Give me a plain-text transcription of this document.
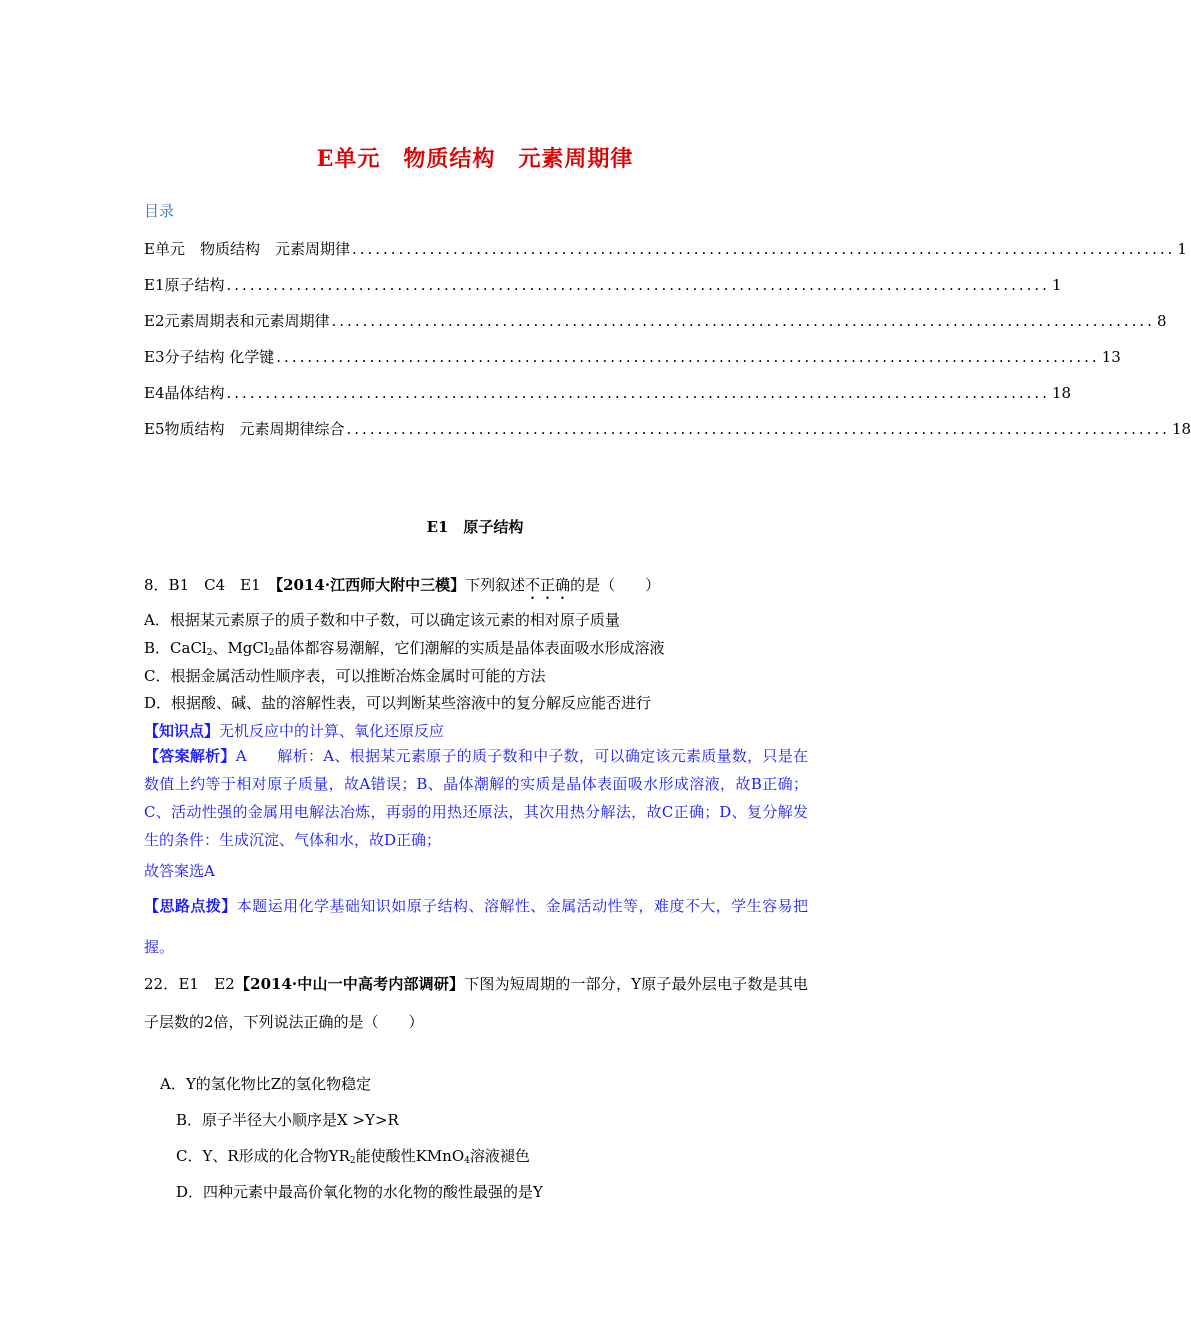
E单元　物质结构　元素周期律
目录
E单元　物质结构　元素周期律 .......................................................................................................... 1
E1 原子结构 .......................................................................................................... 1
E2 元素周期表和元素周期律 .......................................................................................................... 8
E3 分子结构 化学键 .......................................................................................................... 13
E4 晶体结构 .......................................................................................................... 18
E5 物质结构　元素周期律综合 .......................................................................................................... 18
E1　原子结构
8．B1　C4　E1　【2014·江西师大附中三模】下列叙述不正确的是（　　）
A．根据某元素原子的质子数和中子数，可以确定该元素的相对原子质量
B．CaCl$_2$、MgCl$_2$晶体都容易潮解，它们潮解的实质是晶体表面吸水形成溶液
C．根据金属活动性顺序表，可以推断冶炼金属时可能的方法
D．根据酸、碱、盐的溶解性表，可以判断某些溶液中的复分解反应能否进行
【知识点】无机反应中的计算、氧化还原反应
【答案解析】A　　解析：A、根据某元素原子的质子数和中子数，可以确定该元素质量数，只是在数值上约等于相对原子质量，故A错误；B、晶体潮解的实质是晶体表面吸水形成溶液，故B正确；C、活动性强的金属用电解法冶炼，再弱的用热还原法，其次用热分解法，故C正确；D、复分解发生的条件：生成沉淀、气体和水，故D正确；
故答案选A
【思路点拨】本题运用化学基础知识如原子结构、溶解性、金属活动性等，难度不大，学生容易把握。
22．E1　E2【2014·中山一中高考内部调研】下图为短周期的一部分，Y原子最外层电子数是其电子层数的2倍，下列说法正确的是（　　）
A．Y的氢化物比Z的氢化物稳定
B．原子半径大小顺序是X >Y>R
C．Y、R形成的化合物$YR_2$能使酸性KMnO$_4$溶液褪色
D．四种元素中最高价氧化物的水化物的酸性最强的是Y
